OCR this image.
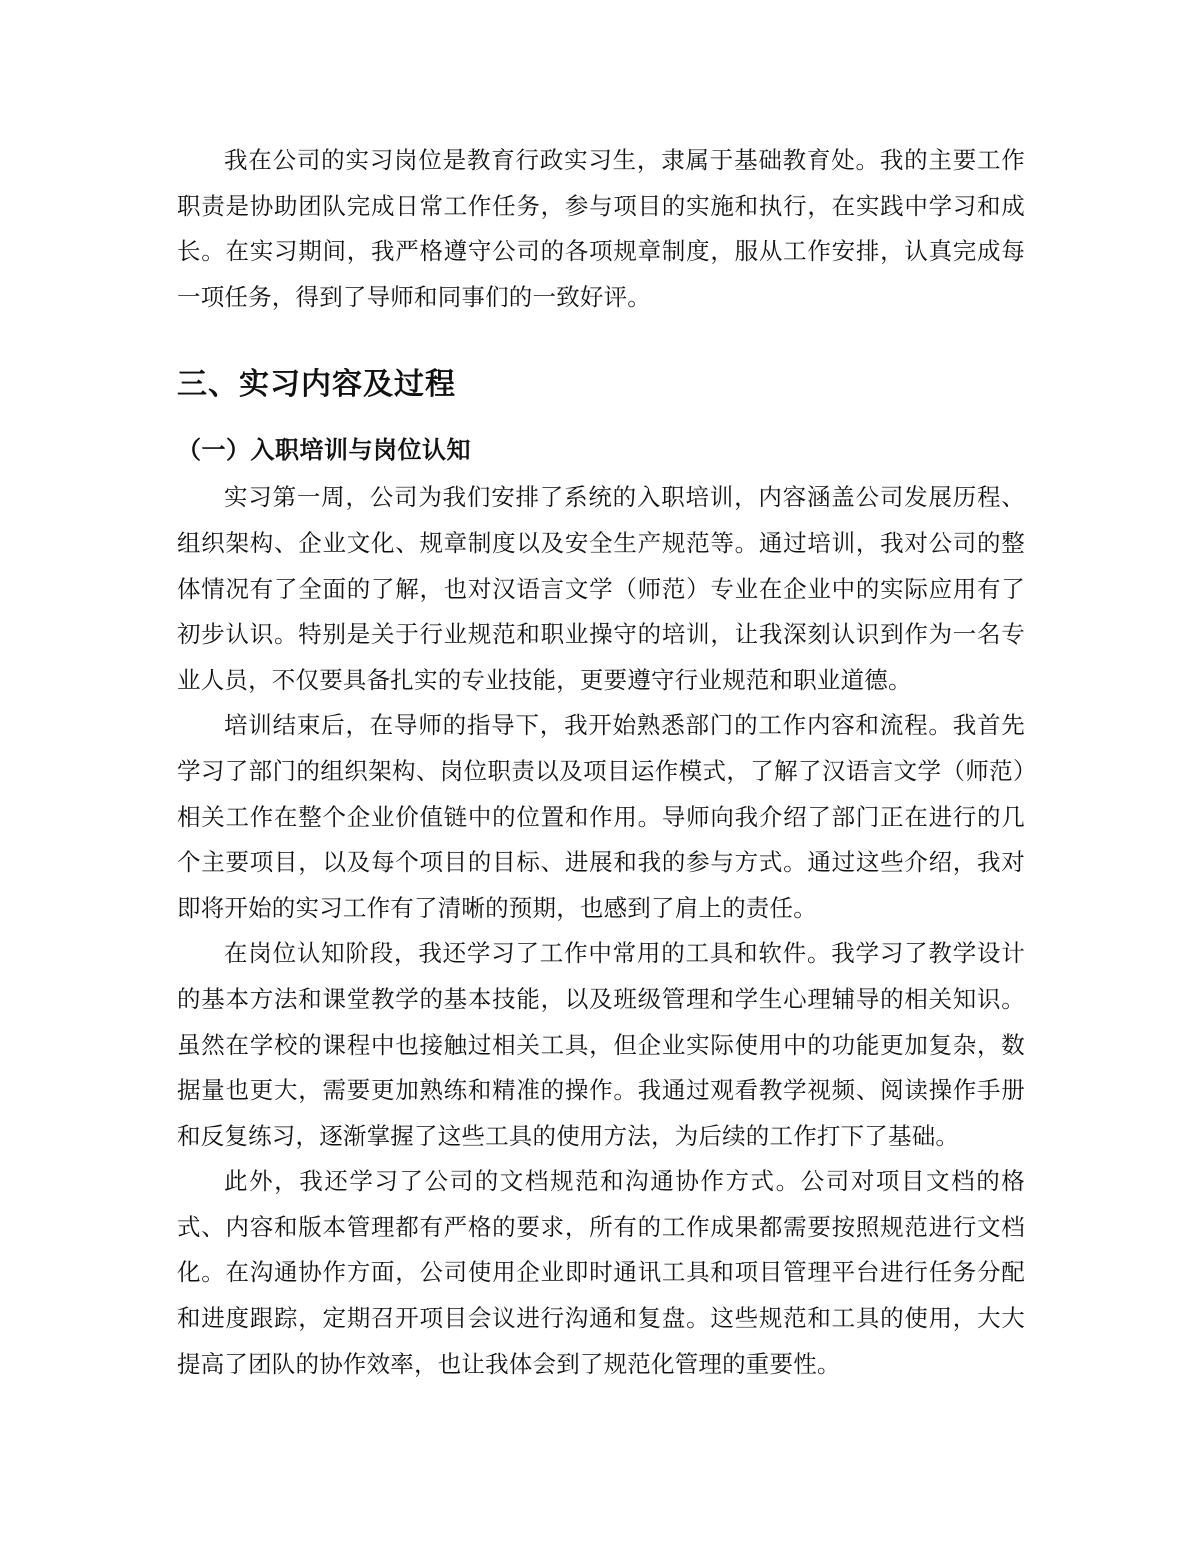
我在公司的实习岗位是教育行政实习生，隶属于基础教育处。我的主要工作职责是协助团队完成日常工作任务，参与项目的实施和执行，在实践中学习和成长。在实习期间，我严格遵守公司的各项规章制度，服从工作安排，认真完成每一项任务，得到了导师和同事们的一致好评。

三、实习内容及过程
（一）入职培训与岗位认知

实习第一周，公司为我们安排了系统的入职培训，内容涵盖公司发展历程、组织架构、企业文化、规章制度以及安全生产规范等。通过培训，我对公司的整体情况有了全面的了解，也对汉语言文学（师范）专业在企业中的实际应用有了初步认识。特别是关于行业规范和职业操守的培训，让我深刻认识到作为一名专业人员，不仅要具备扎实的专业技能，更要遵守行业规范和职业道德。

培训结束后，在导师的指导下，我开始熟悉部门的工作内容和流程。我首先学习了部门的组织架构、岗位职责以及项目运作模式，了解了汉语言文学（师范）相关工作在整个企业价值链中的位置和作用。导师向我介绍了部门正在进行的几个主要项目，以及每个项目的目标、进展和我的参与方式。通过这些介绍，我对即将开始的实习工作有了清晰的预期，也感到了肩上的责任。

在岗位认知阶段，我还学习了工作中常用的工具和软件。我学习了教学设计的基本方法和课堂教学的基本技能，以及班级管理和学生心理辅导的相关知识。虽然在学校的课程中也接触过相关工具，但企业实际使用中的功能更加复杂，数据量也更大，需要更加熟练和精准的操作。我通过观看教学视频、阅读操作手册和反复练习，逐渐掌握了这些工具的使用方法，为后续的工作打下了基础。

此外，我还学习了公司的文档规范和沟通协作方式。公司对项目文档的格式、内容和版本管理都有严格的要求，所有的工作成果都需要按照规范进行文档化。在沟通协作方面，公司使用企业即时通讯工具和项目管理平台进行任务分配和进度跟踪，定期召开项目会议进行沟通和复盘。这些规范和工具的使用，大大提高了团队的协作效率，也让我体会到了规范化管理的重要性。
